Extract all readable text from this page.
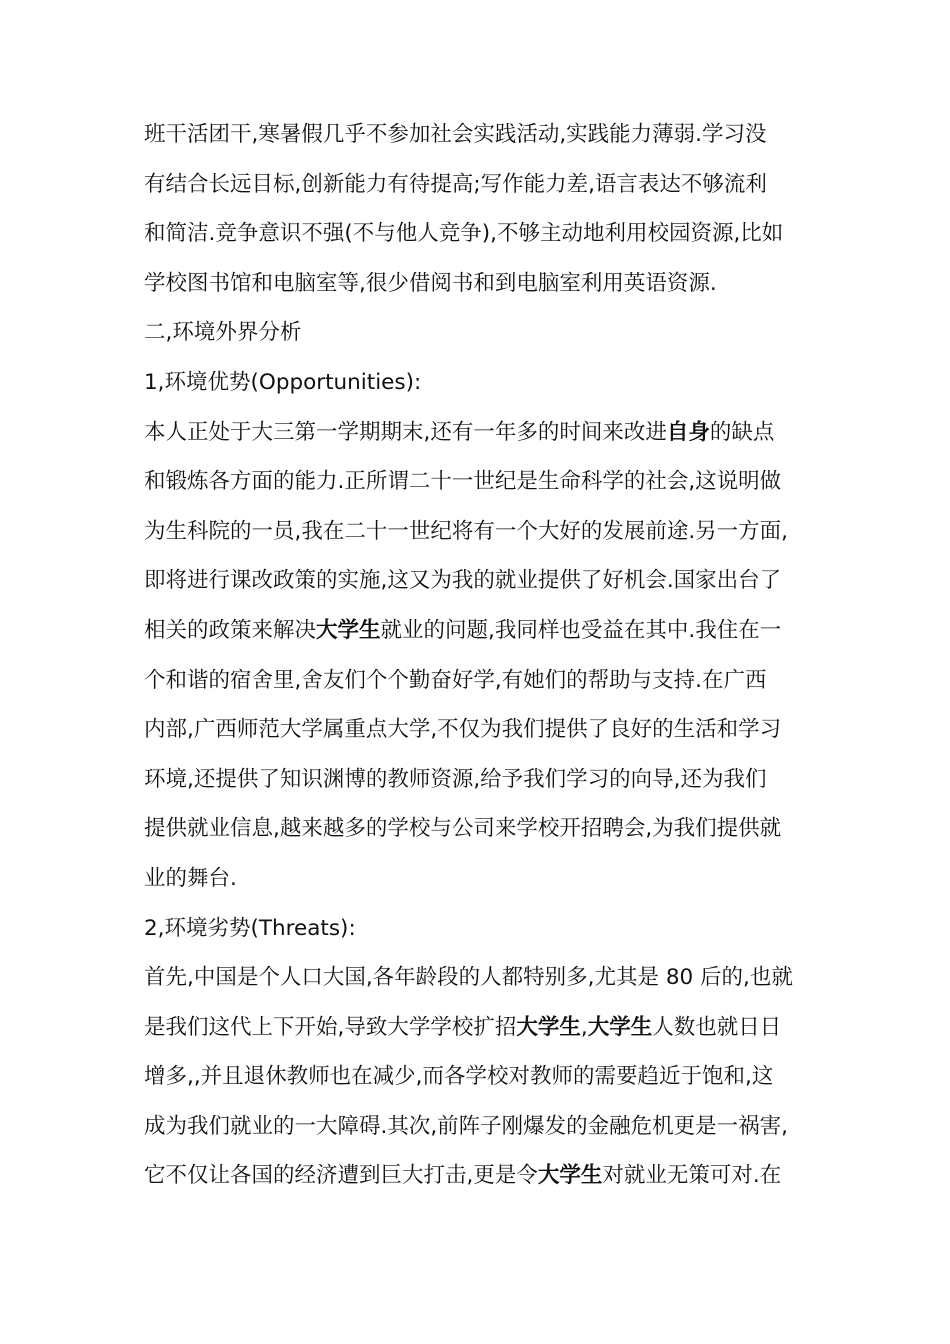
班干活团干,寒暑假几乎不参加社会实践活动,实践能力薄弱.学习没
有结合长远目标,创新能力有待提高;写作能力差,语言表达不够流利
和简洁.竞争意识不强(不与他人竞争),不够主动地利用校园资源,比如
学校图书馆和电脑室等,很少借阅书和到电脑室利用英语资源.
二,环境外界分析
1,环境优势(Opportunities):
本人正处于大三第一学期期末,还有一年多的时间来改进自身的缺点
和锻炼各方面的能力.正所谓二十一世纪是生命科学的社会,这说明做
为生科院的一员,我在二十一世纪将有一个大好的发展前途.另一方面,
即将进行课改政策的实施,这又为我的就业提供了好机会.国家出台了
相关的政策来解决大学生就业的问题,我同样也受益在其中.我住在一
个和谐的宿舍里,舍友们个个勤奋好学,有她们的帮助与支持.在广西
内部,广西师范大学属重点大学,不仅为我们提供了良好的生活和学习
环境,还提供了知识渊博的教师资源,给予我们学习的向导,还为我们
提供就业信息,越来越多的学校与公司来学校开招聘会,为我们提供就
业的舞台.
2,环境劣势(Threats):
首先,中国是个人口大国,各年龄段的人都特别多,尤其是 80 后的,也就
是我们这代上下开始,导致大学学校扩招大学生,大学生人数也就日日
增多,,并且退休教师也在减少,而各学校对教师的需要趋近于饱和,这
成为我们就业的一大障碍.其次,前阵子刚爆发的金融危机更是一祸害,
它不仅让各国的经济遭到巨大打击,更是令大学生对就业无策可对.在
